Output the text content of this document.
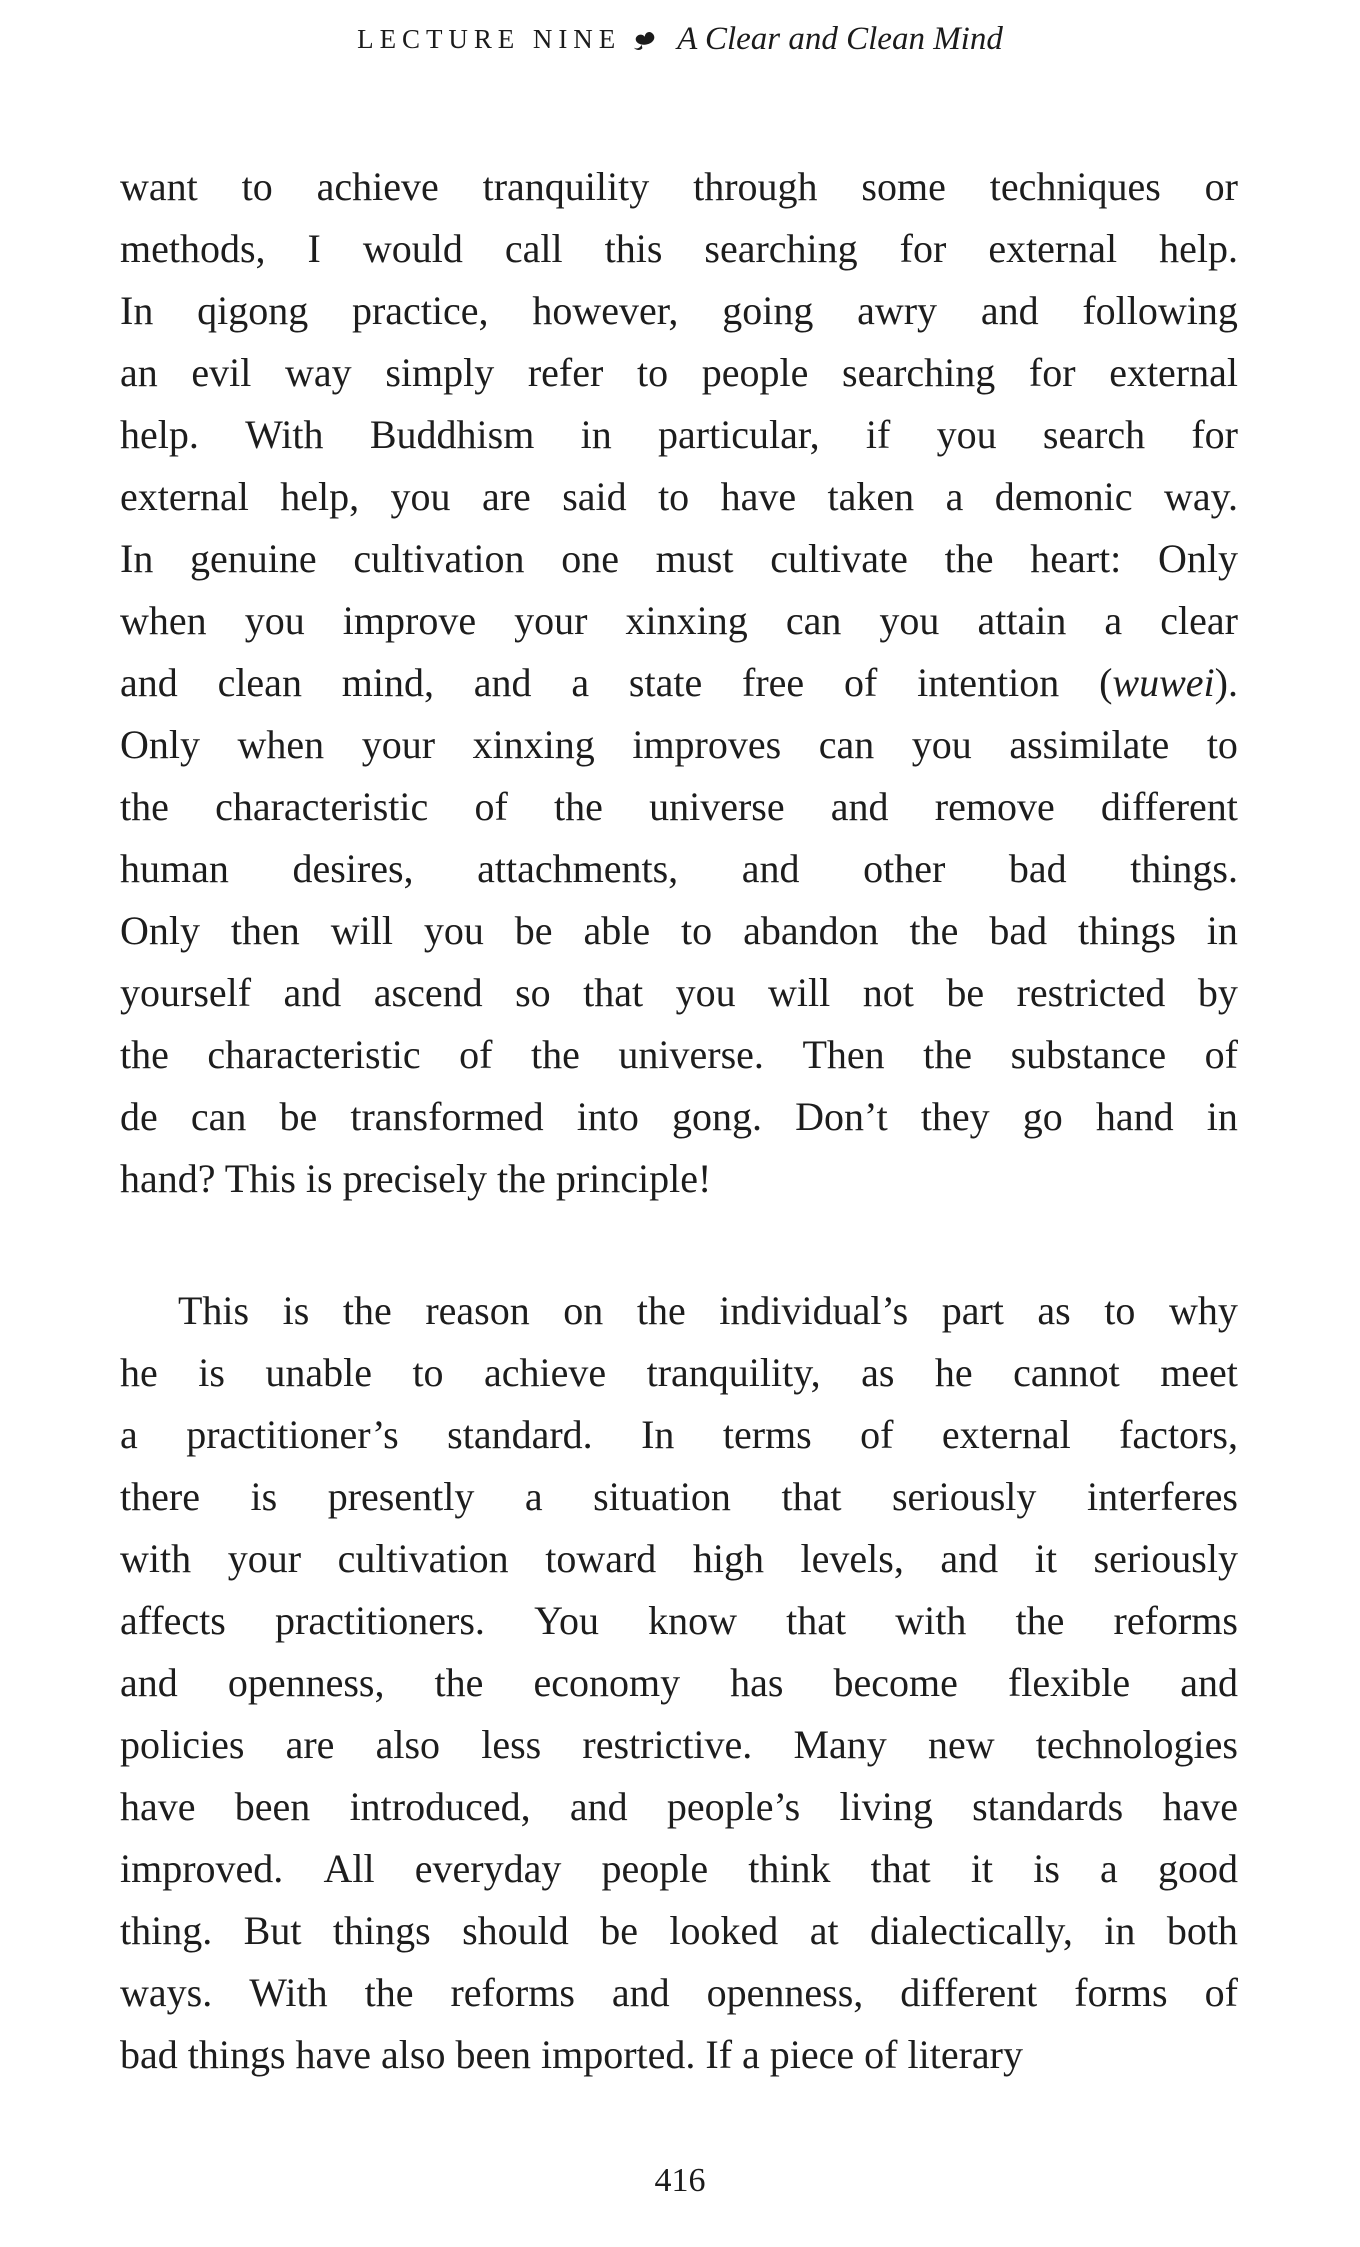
LECTURE NINE A Clear and Clean Mind
want to achieve tranquility through some techniques or
methods, I would call this searching for external help.
In qigong practice, however, going awry and following
an evil way simply refer to people searching for external
help. With Buddhism in particular, if you search for
external help, you are said to have taken a demonic way.
In genuine cultivation one must cultivate the heart: Only
when you improve your xinxing can you attain a clear
and clean mind, and a state free of intention (wuwei).
Only when your xinxing improves can you assimilate to
the characteristic of the universe and remove different
human desires, attachments, and other bad things.
Only then will you be able to abandon the bad things in
yourself and ascend so that you will not be restricted by
the characteristic of the universe. Then the substance of
de can be transformed into gong. Don’t they go hand in
hand? This is precisely the principle!
This is the reason on the individual’s part as to why
he is unable to achieve tranquility, as he cannot meet
a practitioner’s standard. In terms of external factors,
there is presently a situation that seriously interferes
with your cultivation toward high levels, and it seriously
affects practitioners. You know that with the reforms
and openness, the economy has become flexible and
policies are also less restrictive. Many new technologies
have been introduced, and people’s living standards have
improved. All everyday people think that it is a good
thing. But things should be looked at dialectically, in both
ways. With the reforms and openness, different forms of
bad things have also been imported. If a piece of literary
416
